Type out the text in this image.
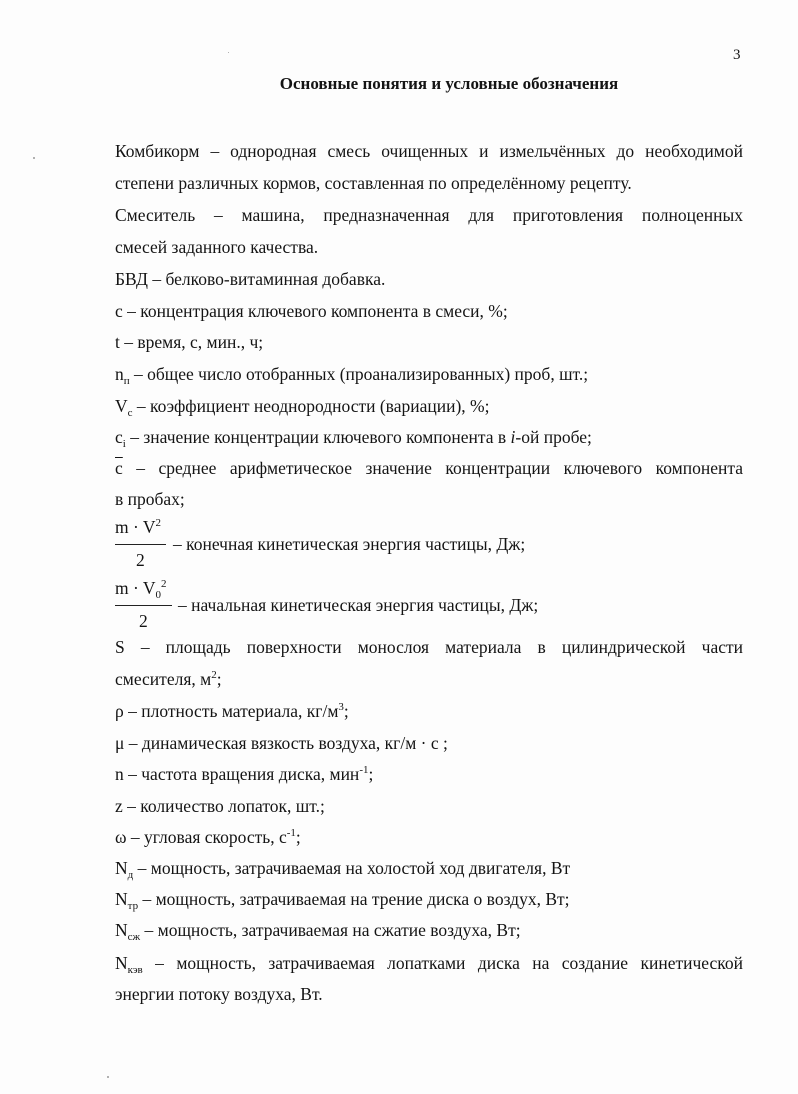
3
Основные понятия и условные обозначения
Комбикорм – однородная смесь очищенных и измельчённых до необходимой
степени различных кормов, составленная по определённому рецепту.
Смеситель – машина, предназначенная для приготовления полноценных
смесей заданного качества.
БВД – белково-витаминная добавка.
c – концентрация ключевого компонента в смеси, %;
t – время, с, мин., ч;
$n_п$ – общее число отобранных (проанализированных) проб, шт.;
$V_c$ – коэффициент неоднородности (вариации), %;
$c_i$ – значение концентрации ключевого компонента в i-ой пробе;
$\overline{c}$ – среднее арифметическое значение концентрации ключевого компонента
в пробах;
$m \cdot V^2$
2
– конечная кинетическая энергия частицы, Дж;
$m \cdot V_0^2$
2
– начальная кинетическая энергия частицы, Дж;
S – площадь поверхности монослоя материала в цилиндрической части
смесителя, $м^2$;
ρ – плотность материала, $кг/м^3$;
μ – динамическая вязкость воздуха, кг/м · с ;
n – частота вращения диска, мин$^{-1}$;
z – количество лопаток, шт.;
ω – угловая скорость, $с^{-1}$;
$N_д$ – мощность, затрачиваемая на холостой ход двигателя, Вт
$N_{тр}$ – мощность, затрачиваемая на трение диска о воздух, Вт;
$N_{сж}$ – мощность, затрачиваемая на сжатие воздуха, Вт;
$N_{кэв}$ – мощность, затрачиваемая лопатками диска на создание кинетической
энергии потоку воздуха, Вт.
